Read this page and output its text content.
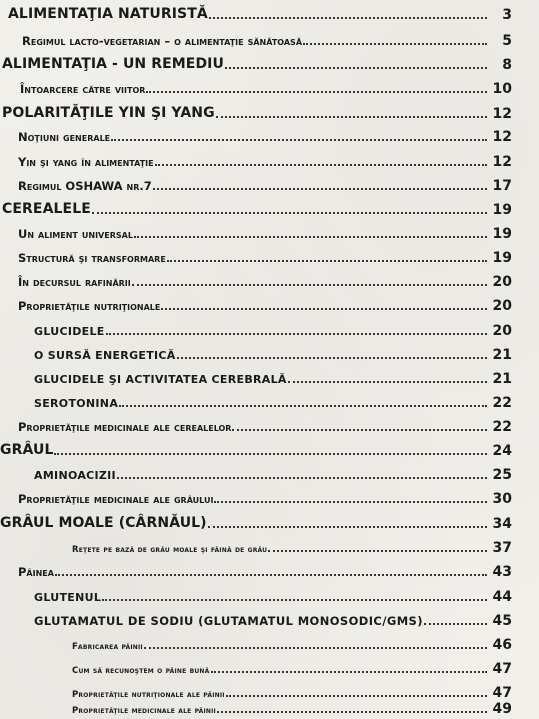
ALIMENTAŢIA NATURISTĂ	3
Regimul lacto-vegetarian – o alimentaţie sănătoasă	5
ALIMENTAŢIA - UN REMEDIU	8
Întoarcere către viitor	10
POLARITĂŢILE YIN ŞI YANG	12
Noţiuni generale	12
Yin şi yang în alimentaţie	12
Regimul OSHAWA nr.7	17
CEREALELE	19
Un aliment universal	19
Structură şi transformare	19
În decursul rafinării	20
Proprietăţile nutriţionale	20
GLUCIDELE	20
O SURSĂ ENERGETICĂ	21
GLUCIDELE ŞI ACTIVITATEA CEREBRALĂ	21
SEROTONINA	22
Proprietăţile medicinale ale cerealelor	22
GRÂUL	24
AMINOACIZII	25
Proprietăţile medicinale ale grâului	30
GRÂUL MOALE (CÂRNĂUL)	34
Reţete pe bază de grâu moale şi făină de grâu	37
Pâinea	43
GLUTENUL	44
GLUTAMATUL DE SODIU (GLUTAMATUL MONOSODIC/GMS)	45
Fabricarea pâinii	46
Cum să recunoştem o pâine bună	47
Proprietăţile nutriţionale ale pâinii	47
Proprietăţile medicinale ale pâinii	49
